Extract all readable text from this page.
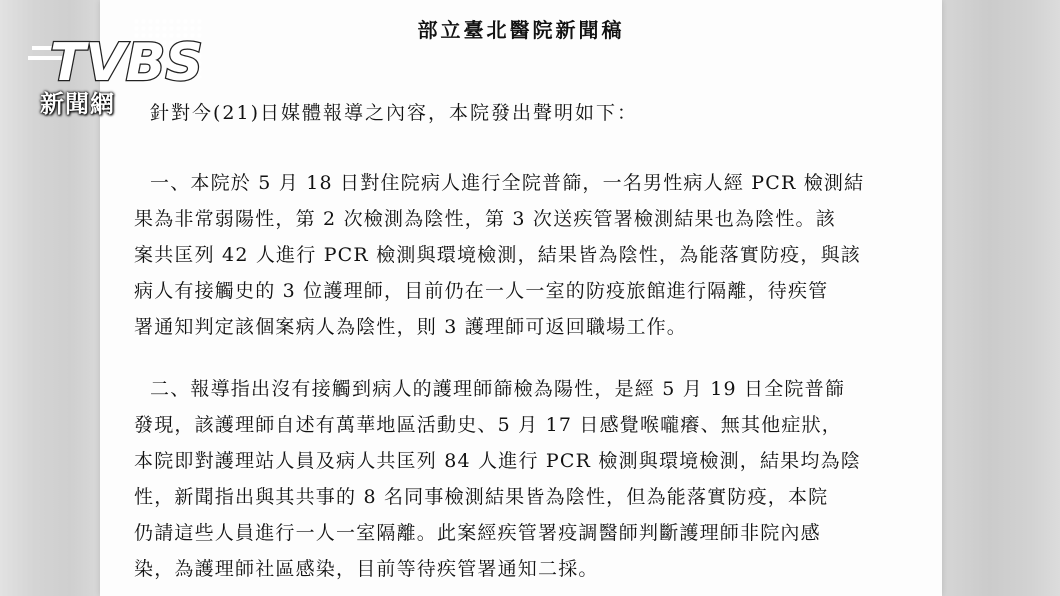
部立臺北醫院新聞稿
針對今(21)日媒體報導之內容，本院發出聲明如下：
一、本院於 5 月 18 日對住院病人進行全院普篩，一名男性病人經 PCR 檢測結
果為非常弱陽性，第 2 次檢測為陰性，第 3 次送疾管署檢測結果也為陰性。該
案共匡列 42 人進行 PCR 檢測與環境檢測，結果皆為陰性，為能落實防疫，與該
病人有接觸史的 3 位護理師，目前仍在一人一室的防疫旅館進行隔離，待疾管
署通知判定該個案病人為陰性，則 3 護理師可返回職場工作。
二、報導指出沒有接觸到病人的護理師篩檢為陽性，是經 5 月 19 日全院普篩
發現，該護理師自述有萬華地區活動史、5 月 17 日感覺喉嚨癢、無其他症狀，
本院即對護理站人員及病人共匡列 84 人進行 PCR 檢測與環境檢測，結果均為陰
性，新聞指出與其共事的 8 名同事檢測結果皆為陰性，但為能落實防疫，本院
仍請這些人員進行一人一室隔離。此案經疾管署疫調醫師判斷護理師非院內感
染，為護理師社區感染，目前等待疾管署通知二採。
TVBS
新聞網
